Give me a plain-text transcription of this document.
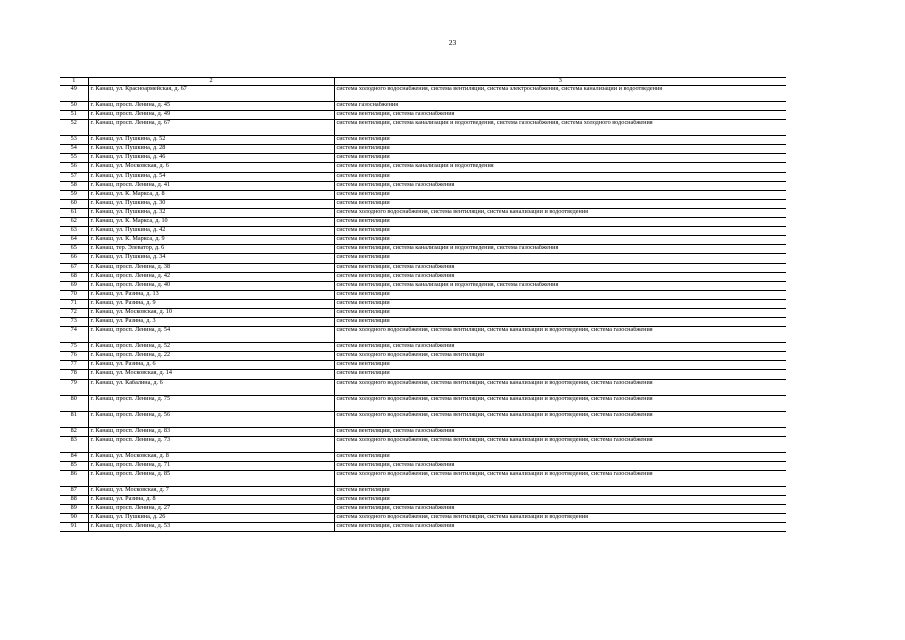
23
1	2	3
49	г. Канаш, ул. Красноармейская, д. 67	система холодного водоснабжения, система вентиляции, система электроснабжения, система канализации и водоотведения
50	г. Канаш, просп. Ленина, д. 45	система газоснабжения
51	г. Канаш, просп. Ленина, д. 49	система вентиляции, система газоснабжения
52	г. Канаш, просп. Ленина, д. 67	система вентиляции, система канализации и водоотведения, система газоснабжения, система холодного водоснабжения
53	г. Канаш, ул. Пушкина, д. 52	система вентиляции
54	г. Канаш, ул. Пушкина, д. 28	система вентиляции
55	г. Канаш, ул. Пушкина, д. 46	система вентиляции
56	г. Канаш, ул. Московская, д. 6	система вентиляции, система канализации и водоотведения
57	г. Канаш, ул. Пушкина, д. 54	система вентиляции
58	г. Канаш, просп. Ленина, д. 41	система вентиляции, система газоснабжения
59	г. Канаш, ул. К. Маркса, д. 8	система вентиляции
60	г. Канаш, ул. Пушкина, д. 30	система вентиляции
61	г. Канаш, ул. Пушкина, д. 32	система холодного водоснабжения, система вентиляции, система канализации и водоотведения
62	г. Канаш, ул. К. Маркса, д. 10	система вентиляции
63	г. Канаш, ул. Пушкина, д. 42	система вентиляции
64	г. Канаш, ул. К. Маркса, д. 9	система вентиляции
65	г. Канаш, тер. Элеватор, д. 6	система вентиляции, система канализации и водоотведения, система газоснабжения
66	г. Канаш, ул. Пушкина, д. 34	система вентиляции
67	г. Канаш, просп. Ленина, д. 38	система вентиляции, система газоснабжения
68	г. Канаш, просп. Ленина, д. 42	система вентиляции, система газоснабжения
69	г. Канаш, просп. Ленина, д. 40	система вентиляции, система канализации и водоотведения, система газоснабжения
70	г. Канаш, ул. Разина, д. 13	система вентиляции
71	г. Канаш, ул. Разина, д. 9	система вентиляции
72	г. Канаш, ул. Московская, д. 10	система вентиляции
73	г. Канаш, ул. Разина, д. 3	система вентиляции
74	г. Канаш, просп. Ленина, д. 54	система холодного водоснабжения, система вентиляции, система канализации и водоотведения, система газоснабжения
75	г. Канаш, просп. Ленина, д. 52	система вентиляции, система газоснабжения
76	г. Канаш, просп. Ленина, д. 22	система холодного водоснабжения, система вентиляции
77	г. Канаш, ул. Разина, д. 6	система вентиляции
78	г. Канаш, ул. Московская, д. 14	система вентиляции
79	г. Канаш, ул. Кабалина, д. 6	система холодного водоснабжения, система вентиляции, система канализации и водоотведения, система газоснабжения
80	г. Канаш, просп. Ленина, д. 75	система холодного водоснабжения, система вентиляции, система канализации и водоотведения, система газоснабжения
81	г. Канаш, просп. Ленина, д. 56	система холодного водоснабжения, система вентиляции, система канализации и водоотведения, система газоснабжения
82	г. Канаш, просп. Ленина, д. 83	система вентиляции, система газоснабжения
83	г. Канаш, просп. Ленина, д. 73	система холодного водоснабжения, система вентиляции, система канализации и водоотведения, система газоснабжения
84	г. Канаш, ул. Московская, д. 8	система вентиляции
85	г. Канаш, просп. Ленина, д. 71	система вентиляции, система газоснабжения
86	г. Канаш, просп. Ленина, д. 85	система холодного водоснабжения, система вентиляции, система канализации и водоотведения, система газоснабжения
87	г. Канаш, ул. Московская, д. 7	система вентиляции
88	г. Канаш, ул. Разина, д. 8	система вентиляции
89	г. Канаш, просп. Ленина, д. 27	система вентиляции, система газоснабжения
90	г. Канаш, ул. Пушкина, д. 26	система холодного водоснабжения, система вентиляции, система канализации и водоотведения
91	г. Канаш, просп. Ленина, д. 53	система вентиляции, система газоснабжения
